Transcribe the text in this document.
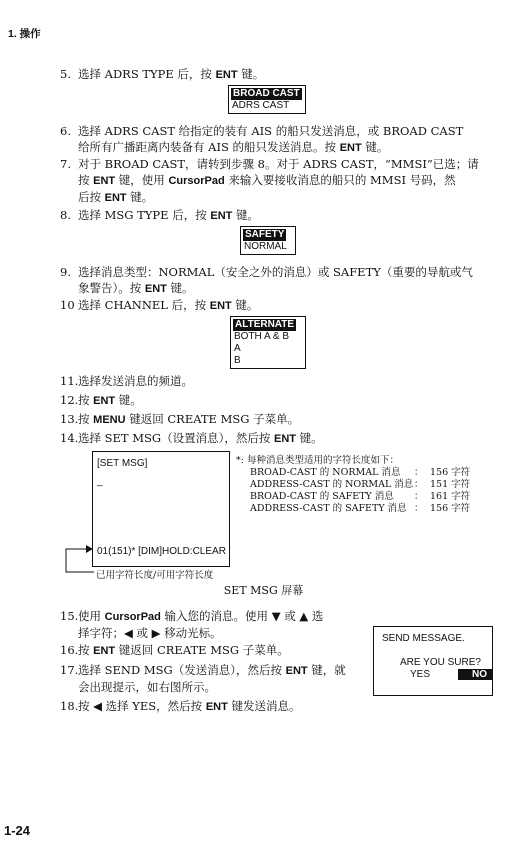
1. 操作
5. 选择 ADRS TYPE 后，按 ENT 键。
BROAD CAST
ADRS CAST
6. 选择 ADRS CAST 给指定的装有 AIS 的船只发送消息，或 BROAD CAST
给所有广播距离内装备有 AIS 的船只发送消息。按 ENT 键。
7. 对于 BROAD CAST，请转到步骤 8。对于 ADRS CAST，“MMSI”已选；请
按 ENT 键，使用 CursorPad 来输入要接收消息的船只的 MMSI 号码，然
后按 ENT 键。
8. 选择 MSG TYPE 后，按 ENT 键。
SAFETY
NORMAL
9. 选择消息类型：NORMAL（安全之外的消息）或 SAFETY（重要的导航或气
象警告）。按 ENT 键。
10 选择 CHANNEL 后，按 ENT 键。
ALTERNATE
BOTH A & B
A
B
11.选择发送消息的频道。
12.按 ENT 键。
13.按 MENU 键返回 CREATE MSG 子菜单。
14.选择 SET MSG（设置消息），然后按 ENT 键。
[SET MSG]
_
01(151)* [DIM]HOLD:CLEAR
已用字符长度/可用字符长度
*: 每种消息类型适用的字符长度如下：
BROAD-CAST 的 NORMAL 消息 ： 156 字符
ADDRESS-CAST 的 NORMAL 消息： 151 字符
BROAD-CAST 的 SAFETY 消息 ： 161 字符
ADDRESS-CAST 的 SAFETY 消息 ： 156 字符
SET MSG 屏幕
15.使用 CursorPad 输入您的消息。使用 ▼ 或 ▲ 选
择字符；◀ 或 ▶ 移动光标。
16.按 ENT 键返回 CREATE MSG 子菜单。
17.选择 SEND MSG（发送消息），然后按 ENT 键，就
会出现提示，如右图所示。
18.按 ◀ 选择 YES，然后按 ENT 键发送消息。
SEND MESSAGE.
ARE YOU SURE?
YES	NO
1-24
